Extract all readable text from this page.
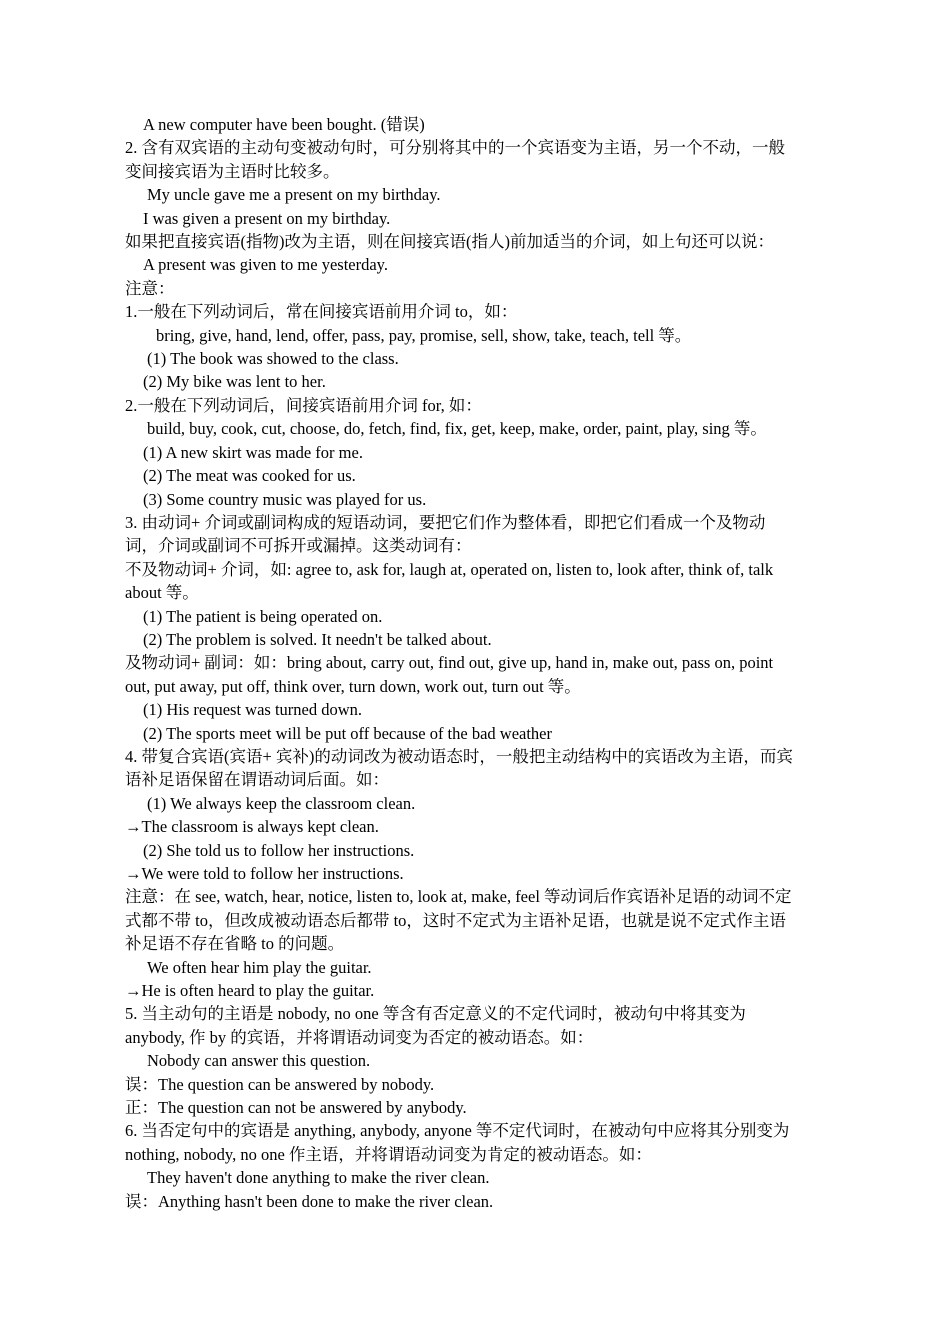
A new computer have been bought. (错误)

2. 含有双宾语的主动句变被动句时，可分别将其中的一个宾语变为主语，另一个不动，一般

变间接宾语为主语时比较多。

My uncle gave me a present on my birthday.

I was given a present on my birthday.

如果把直接宾语(指物)改为主语，则在间接宾语(指人)前加适当的介词，如上句还可以说：

A present was given to me yesterday.

注意：

1.一般在下列动词后，常在间接宾语前用介词 to，如：

bring, give, hand, lend, offer, pass, pay, promise, sell, show, take, teach, tell 等。

(1) The book was showed to the class.

(2) My bike was lent to her.

2.一般在下列动词后，间接宾语前用介词 for, 如：

build, buy, cook, cut, choose, do, fetch, find, fix, get, keep, make, order, paint, play, sing 等。

(1) A new skirt was made for me.

(2) The meat was cooked for us.

(3) Some country music was played for us.

3. 由动词+ 介词或副词构成的短语动词，要把它们作为整体看，即把它们看成一个及物动

词，介词或副词不可拆开或漏掉。这类动词有：

不及物动词+ 介词，如: agree to, ask for, laugh at, operated on, listen to, look after, think of, talk

about 等。

(1) The patient is being operated on.

(2) The problem is solved. It needn't be talked about.

及物动词+ 副词：如：bring about, carry out, find out, give up, hand in, make out, pass on, point

out, put away, put off, think over, turn down, work out, turn out 等。

(1) His request was turned down.

(2) The sports meet will be put off because of the bad weather

4. 带复合宾语(宾语+ 宾补)的动词改为被动语态时，一般把主动结构中的宾语改为主语，而宾

语补足语保留在谓语动词后面。如：

(1) We always keep the classroom clean.

→The classroom is always kept clean.

(2) She told us to follow her instructions.

→We were told to follow her instructions.

注意：在 see, watch, hear, notice, listen to, look at, make, feel 等动词后作宾语补足语的动词不定

式都不带 to，但改成被动语态后都带 to，这时不定式为主语补足语，也就是说不定式作主语

补足语不存在省略 to 的问题。

We often hear him play the guitar.

→He is often heard to play the guitar.

5. 当主动句的主语是 nobody, no one 等含有否定意义的不定代词时，被动句中将其变为

anybody, 作 by 的宾语，并将谓语动词变为否定的被动语态。如：

Nobody can answer this question.

误：The question can be answered by nobody.

正：The question can not be answered by anybody.

6. 当否定句中的宾语是 anything, anybody, anyone 等不定代词时，在被动句中应将其分别变为

nothing, nobody, no one 作主语，并将谓语动词变为肯定的被动语态。如：

They haven't done anything to make the river clean.

误：Anything hasn't been done to make the river clean.
